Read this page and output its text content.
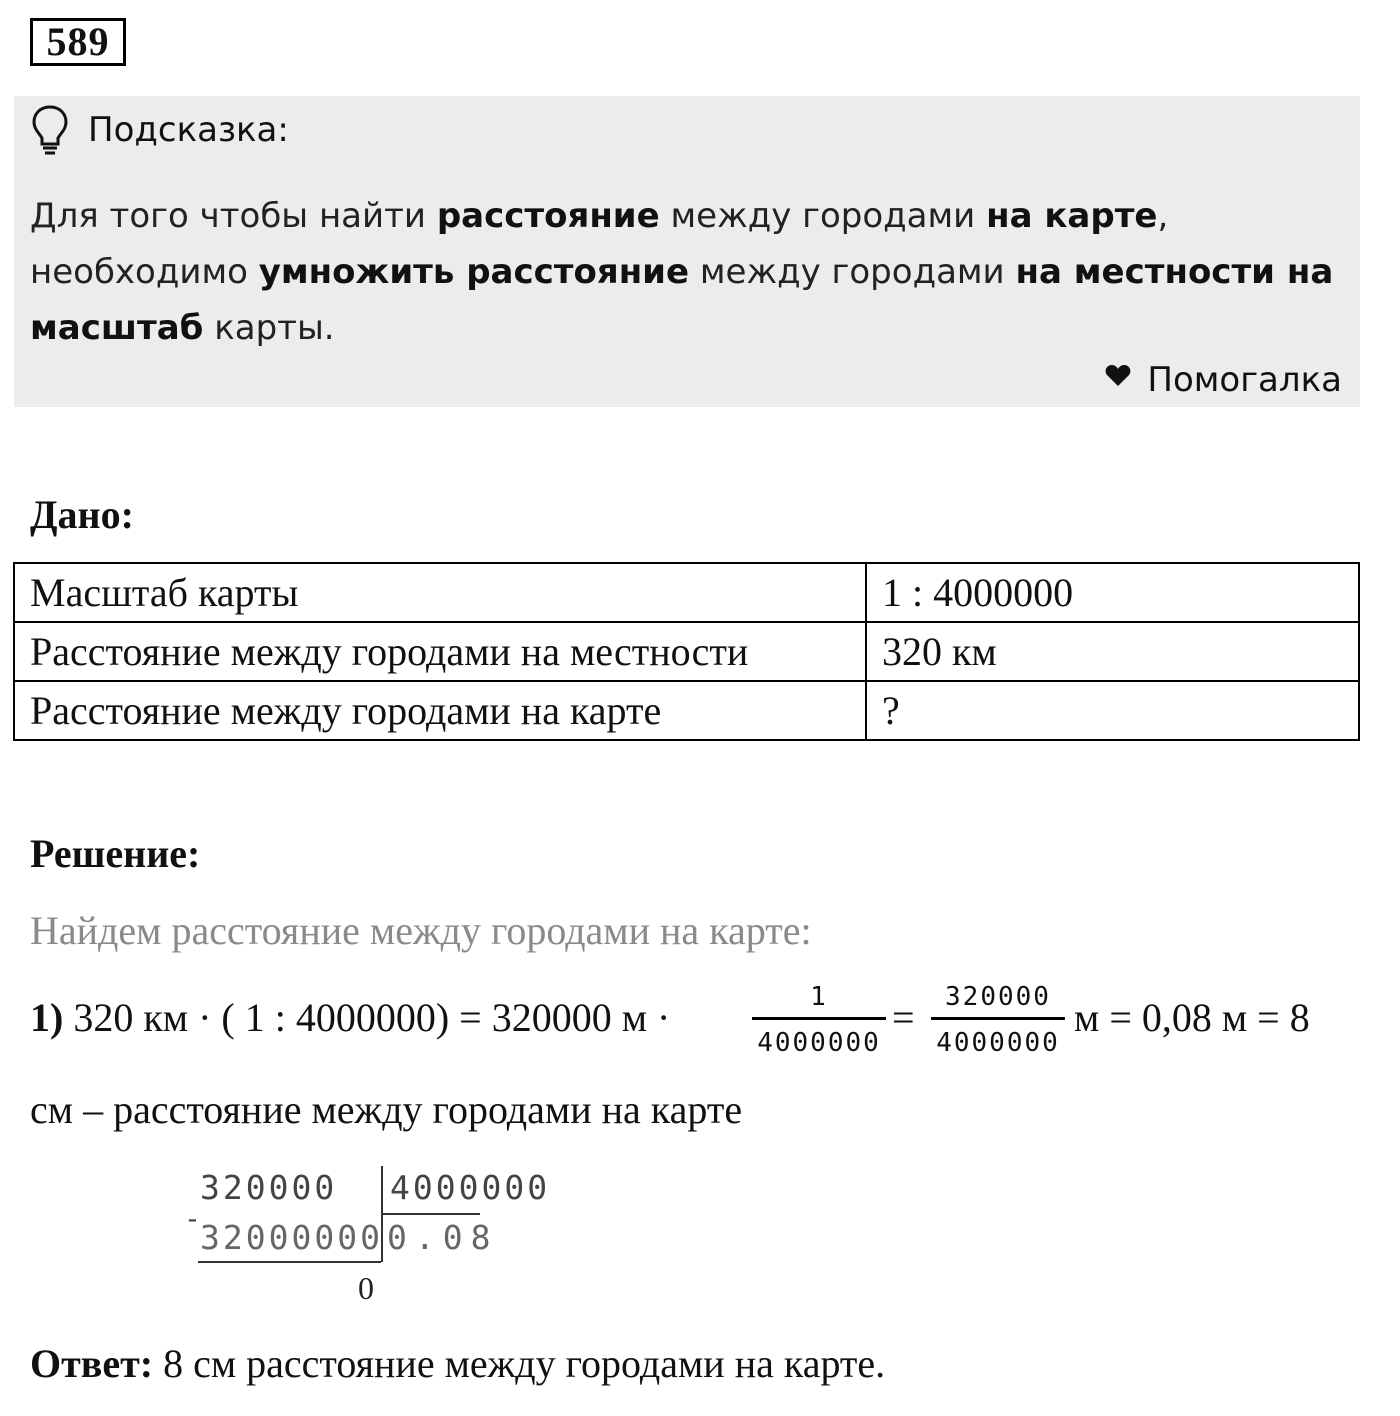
589
Подсказка:
Для того чтобы найти расстояние между городами на карте, необходимо умножить расстояние между городами на местности на масштаб карты.
Помогалка
Дано:
Масштаб карты	1 : 4000000
Расстояние между городами на местности	320 км
Расстояние между городами на карте	?
Решение:
Найдем расстояние между городами на карте:
1) 320 км · ( 1 : 4000000) = 320000 м ·	1
4000000
=	320000
4000000
м = 0,08 м = 8
см – расстояние между городами на карте
320000 4000000
-
32000000 0.08
0
Ответ: 8 см расстояние между городами на карте.
